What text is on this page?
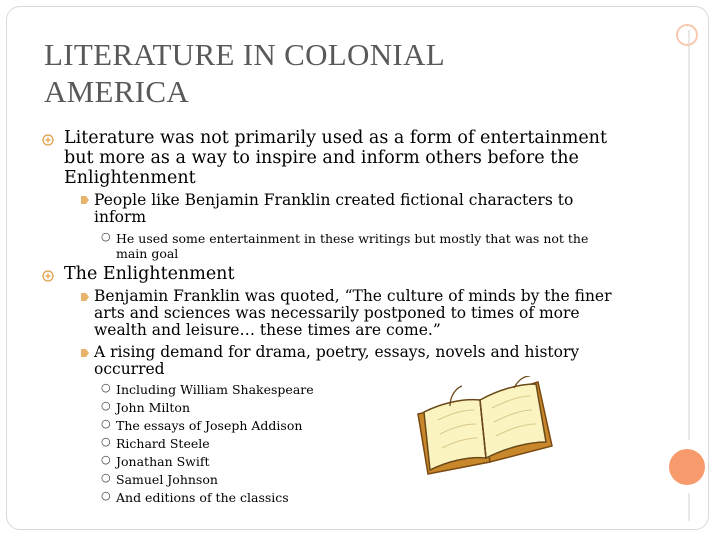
LITERATURE IN COLONIAL AMERICA
Literature was not primarily used as a form of entertainment but more as a way to inspire and inform others before the Enlightenment
People like Benjamin Franklin created fictional characters to inform
○ He used some entertainment in these writings but mostly that was not the main goal
The Enlightenment
Benjamin Franklin was quoted, “The culture of minds by the finer arts and sciences was necessarily postponed to times of more wealth and leisure… these times are come.”
A rising demand for drama, poetry, essays, novels and history occurred
○ Including William Shakespeare
○ John Milton
○ The essays of Joseph Addison
○ Richard Steele
○ Jonathan Swift
○ Samuel Johnson
○ And editions of the classics
